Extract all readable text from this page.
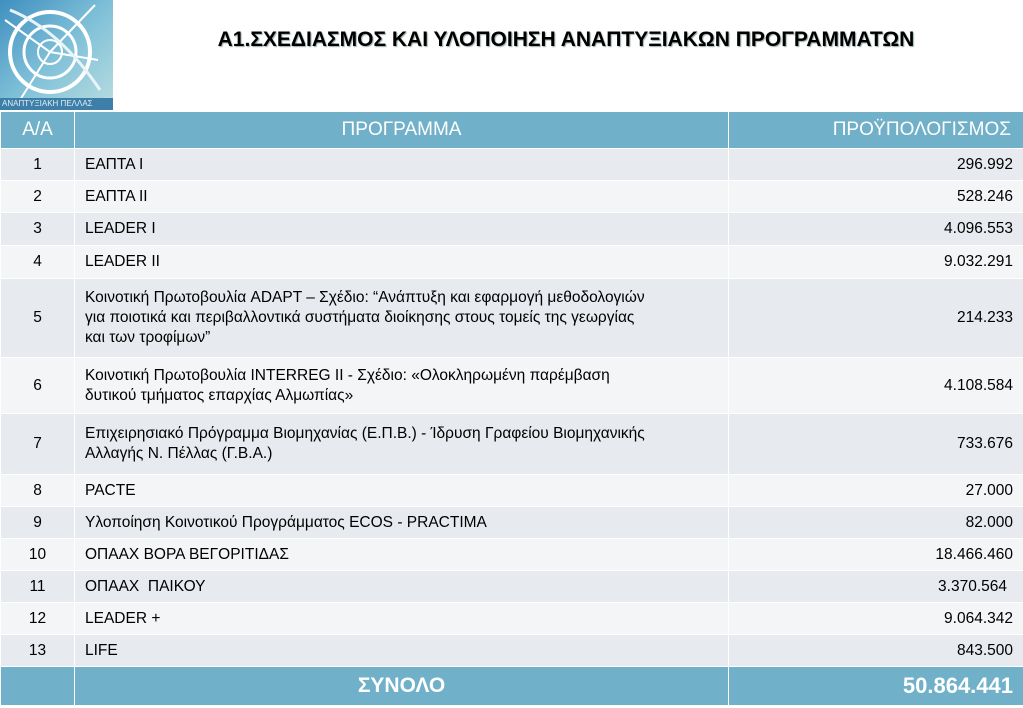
ΑΝΑΠΤΥΞΙΑΚΗ ΠΕΛΛΑΣ
Α1.ΣΧΕΔΙΑΣΜΟΣ ΚΑΙ ΥΛΟΠΟΙΗΣΗ ΑΝΑΠΤΥΞΙΑΚΩΝ ΠΡΟΓΡΑΜΜΑΤΩΝ
Α/Α	ΠΡΟΓΡΑΜΜΑ	ΠΡΟΫΠΟΛΟΓΙΣΜΟΣ
1	ΕΑΠΤΑ Ι	296.992
2	ΕΑΠΤΑ ΙΙ	528.246
3	LEADER I	4.096.553
4	LEADER II	9.032.291
5	Κοινοτική Πρωτοβουλία ADAPT – Σχέδιο: “Ανάπτυξη και εφαρμογή μεθοδολογιών για ποιοτικά και περιβαλλοντικά συστήματα διοίκησης στους τομείς της γεωργίας και των τροφίμων”	214.233
6	Κοινοτική Πρωτοβουλία INTERREG II - Σχέδιο: «Ολοκληρωμένη παρέμβαση δυτικού τμήματος επαρχίας Αλμωπίας»	4.108.584
7	Επιχειρησιακό Πρόγραμμα Βιομηχανίας (Ε.Π.Β.) - Ίδρυση Γραφείου Βιομηχανικής Αλλαγής Ν. Πέλλας (Γ.Β.Α.)	733.676
8	PACTE	27.000
9	Υλοποίηση Κοινοτικού Προγράμματος ECOS - PRACTIMA	82.000
10	ΟΠΑΑΧ ΒΟΡΑ ΒΕΓΟΡΙΤΙΔΑΣ	18.466.460
11	ΟΠΑΑΧ  ΠΑΙΚΟΥ	3.370.564
12	LEADER +	9.064.342
13	LIFE	843.500
	ΣΥΝΟΛΟ	50.864.441
